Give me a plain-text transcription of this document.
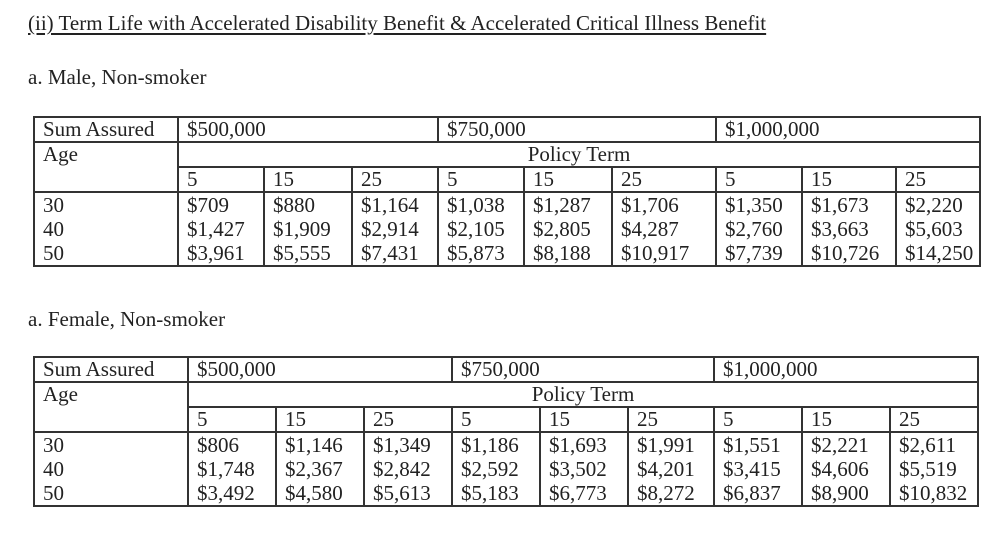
(ii) Term Life with Accelerated Disability Benefit & Accelerated Critical Illness Benefit
a. Male, Non-smoker
Sum Assured	$500,000			$750,000			$1,000,000		
Age	Policy Term								
	5	15	25	5	15	25	5	15	25
30	$709	$880	$1,164	$1,038	$1,287	$1,706	$1,350	$1,673	$2,220
40	$1,427	$1,909	$2,914	$2,105	$2,805	$4,287	$2,760	$3,663	$5,603
50	$3,961	$5,555	$7,431	$5,873	$8,188	$10,917	$7,739	$10,726	$14,250
a. Female, Non-smoker
Sum Assured	$500,000			$750,000			$1,000,000		
Age	Policy Term								
	5	15	25	5	15	25	5	15	25
30	$806	$1,146	$1,349	$1,186	$1,693	$1,991	$1,551	$2,221	$2,611
40	$1,748	$2,367	$2,842	$2,592	$3,502	$4,201	$3,415	$4,606	$5,519
50	$3,492	$4,580	$5,613	$5,183	$6,773	$8,272	$6,837	$8,900	$10,832
